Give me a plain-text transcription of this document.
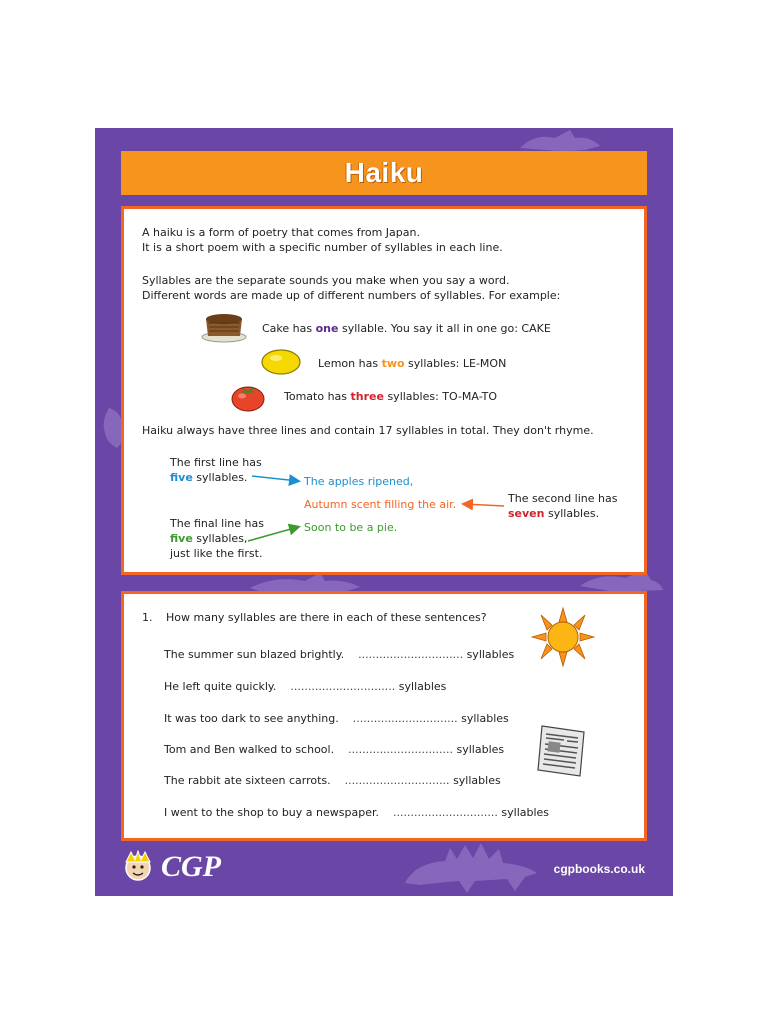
Haiku
A haiku is a form of poetry that comes from Japan.
It is a short poem with a specific number of syllables in each line.
Syllables are the separate sounds you make when you say a word.
Different words are made up of different numbers of syllables. For example:
Cake has one syllable. You say it all in one go: CAKE
Lemon has two syllables: LE-MON
Tomato has three syllables: TO-MA-TO
Haiku always have three lines and contain 17 syllables in total. They don't rhyme.
The first line has
five syllables.
The final line has
five syllables,
just like the first.
The second line has
seven syllables.
The apples ripened,
Autumn scent filling the air.
Soon to be a pie.
1. How many syllables are there in each of these sentences?
The summer sun blazed brightly. .............................. syllables
He left quite quickly. .............................. syllables
It was too dark to see anything. .............................. syllables
Tom and Ben walked to school. .............................. syllables
The rabbit ate sixteen carrots. .............................. syllables
I went to the shop to buy a newspaper. .............................. syllables
CGP	cgpbooks.co.uk
